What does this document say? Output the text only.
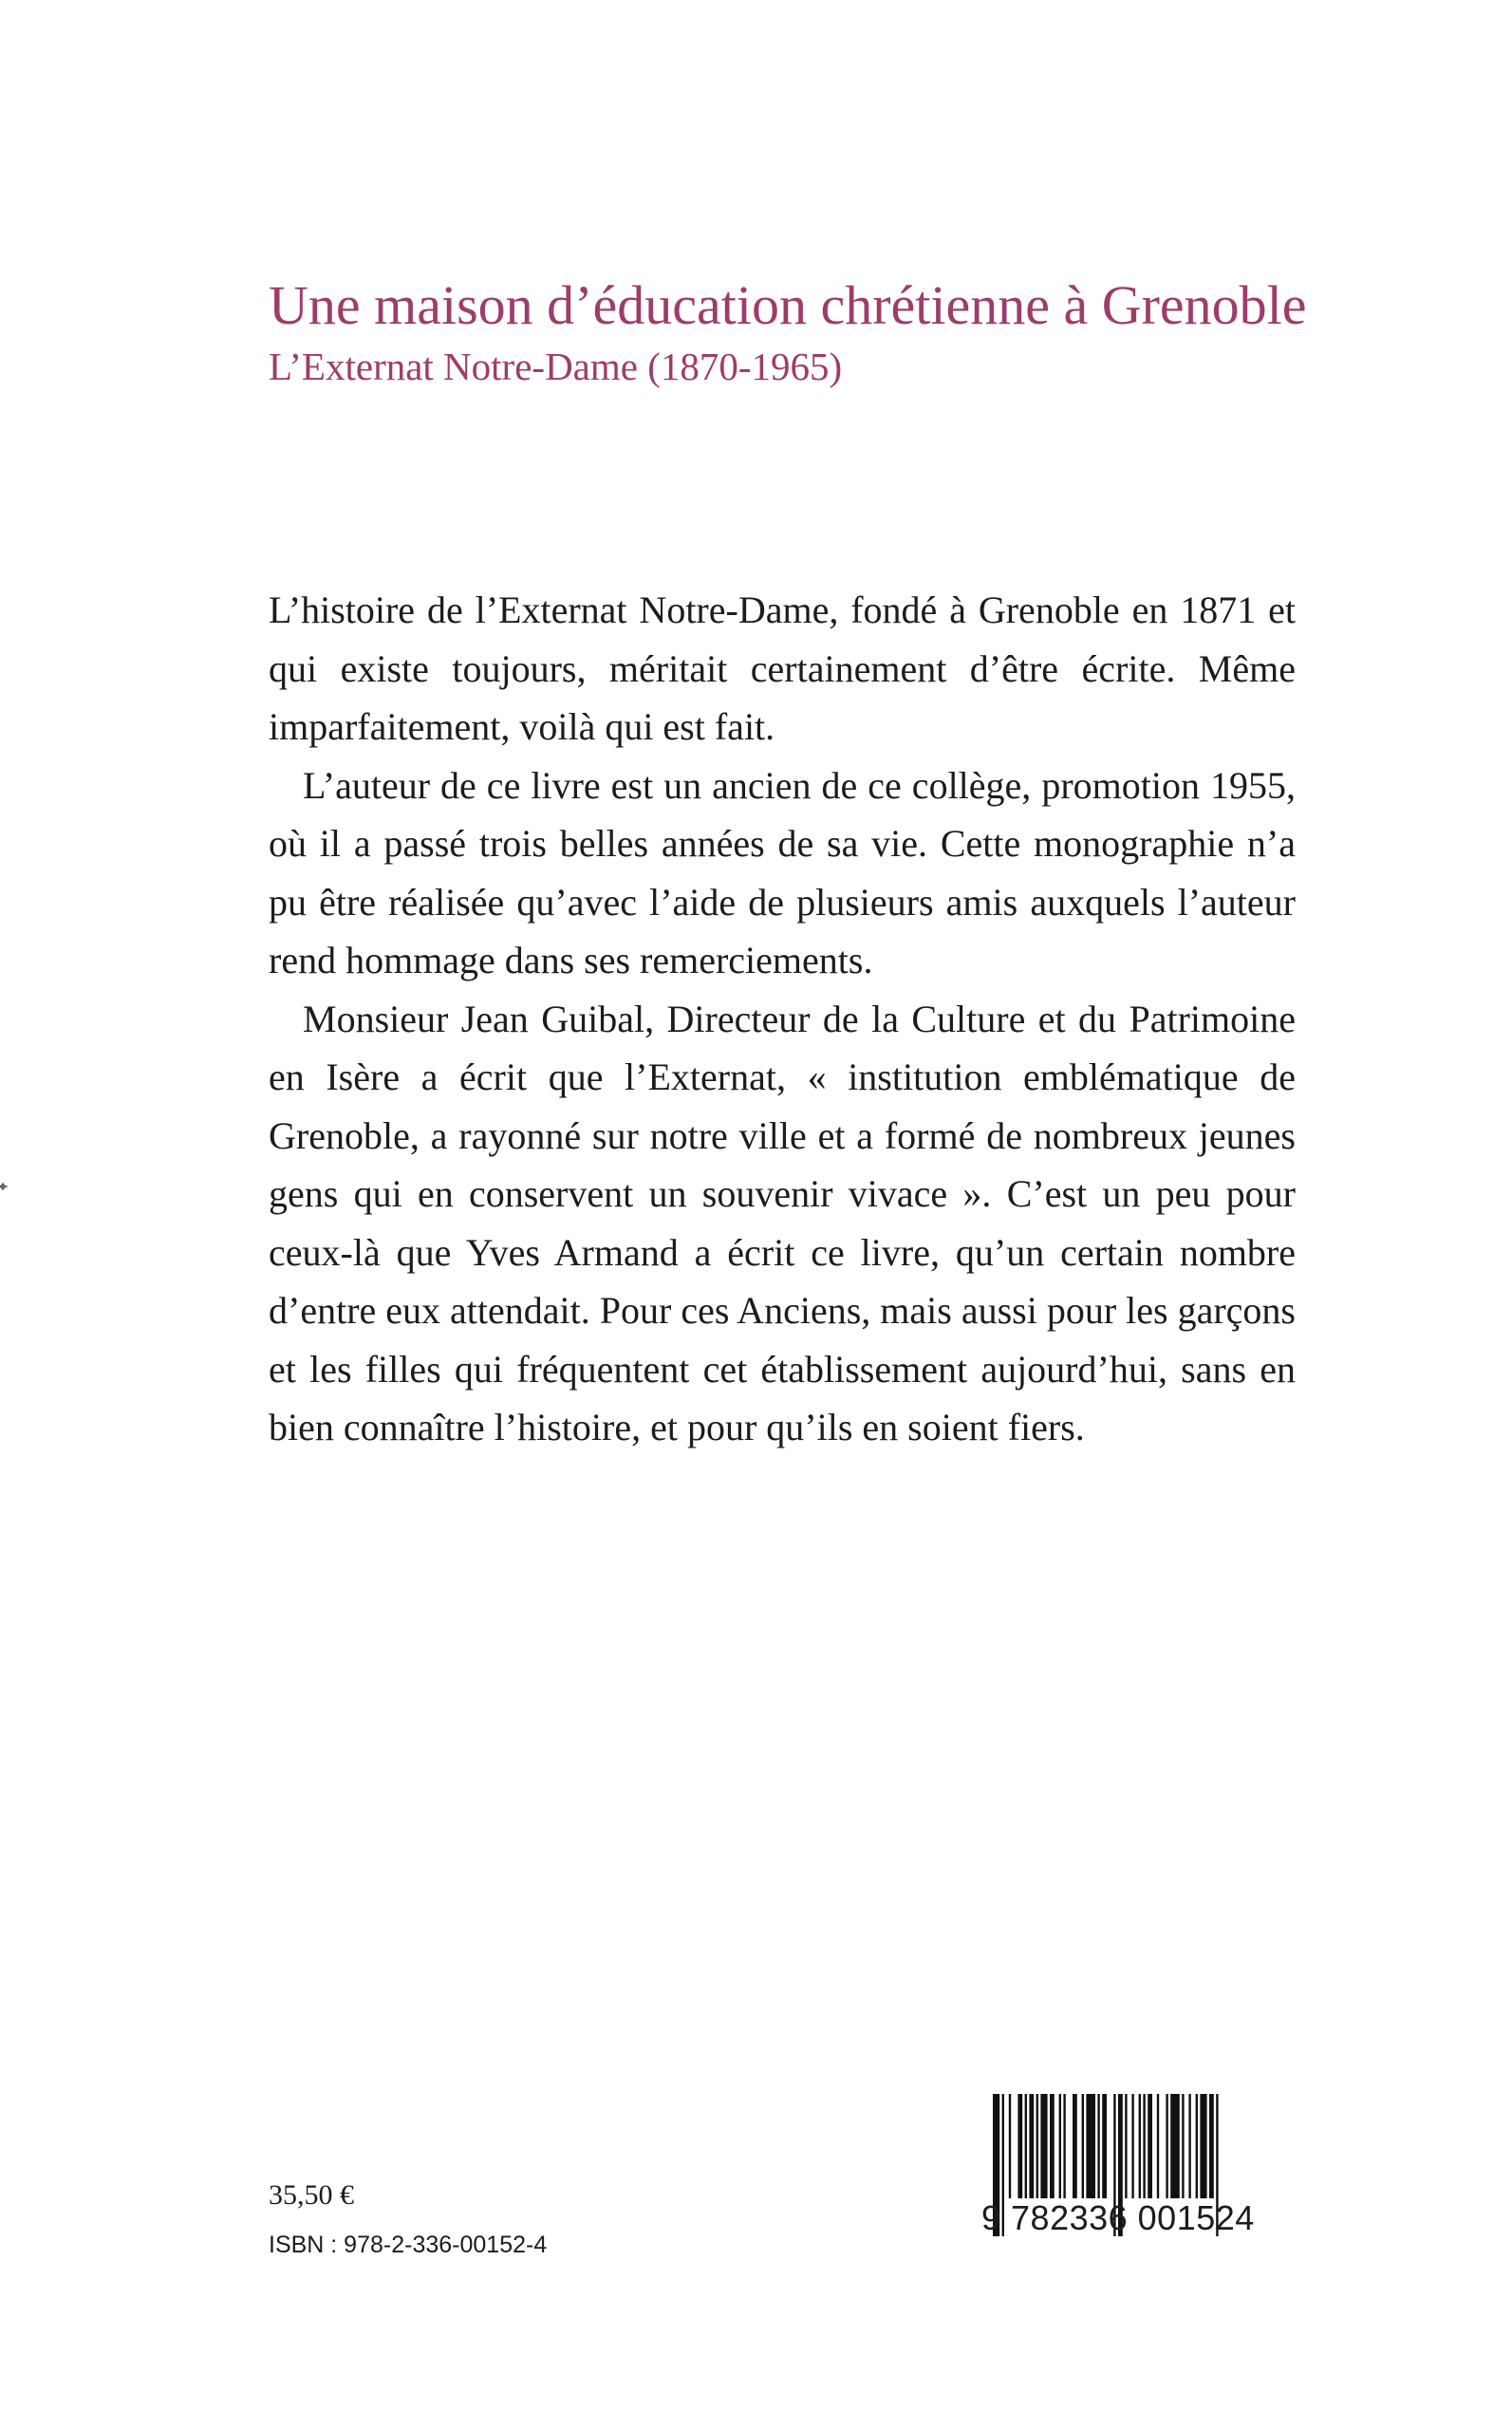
Une maison d’éducation chrétienne à Grenoble
L’Externat Notre-Dame (1870-1965)

L’histoire de l’Externat Notre-Dame, fondé à Grenoble en 1871 et qui existe toujours, méritait certainement d’être écrite. Même imparfaitement, voilà qui est fait.

L’auteur de ce livre est un ancien de ce collège, promotion 1955, où il a passé trois belles années de sa vie. Cette monographie n’a pu être réalisée qu’avec l’aide de plusieurs amis auxquels l’auteur rend hommage dans ses remerciements.

Monsieur Jean Guibal, Directeur de la Culture et du Patrimoine en Isère a écrit que l’Externat, « institution emblématique de Grenoble, a rayonné sur notre ville et a formé de nombreux jeunes gens qui en conservent un souvenir vivace ». C’est un peu pour ceux-là que Yves Armand a écrit ce livre, qu’un certain nombre d’entre eux attendait. Pour ces Anciens, mais aussi pour les garçons et les filles qui fréquentent cet établissement aujourd’hui, sans en bien connaître l’histoire, et pour qu’ils en soient fiers.

35,50 €
ISBN : 978-2-336-00152-4
9 782336 001524
